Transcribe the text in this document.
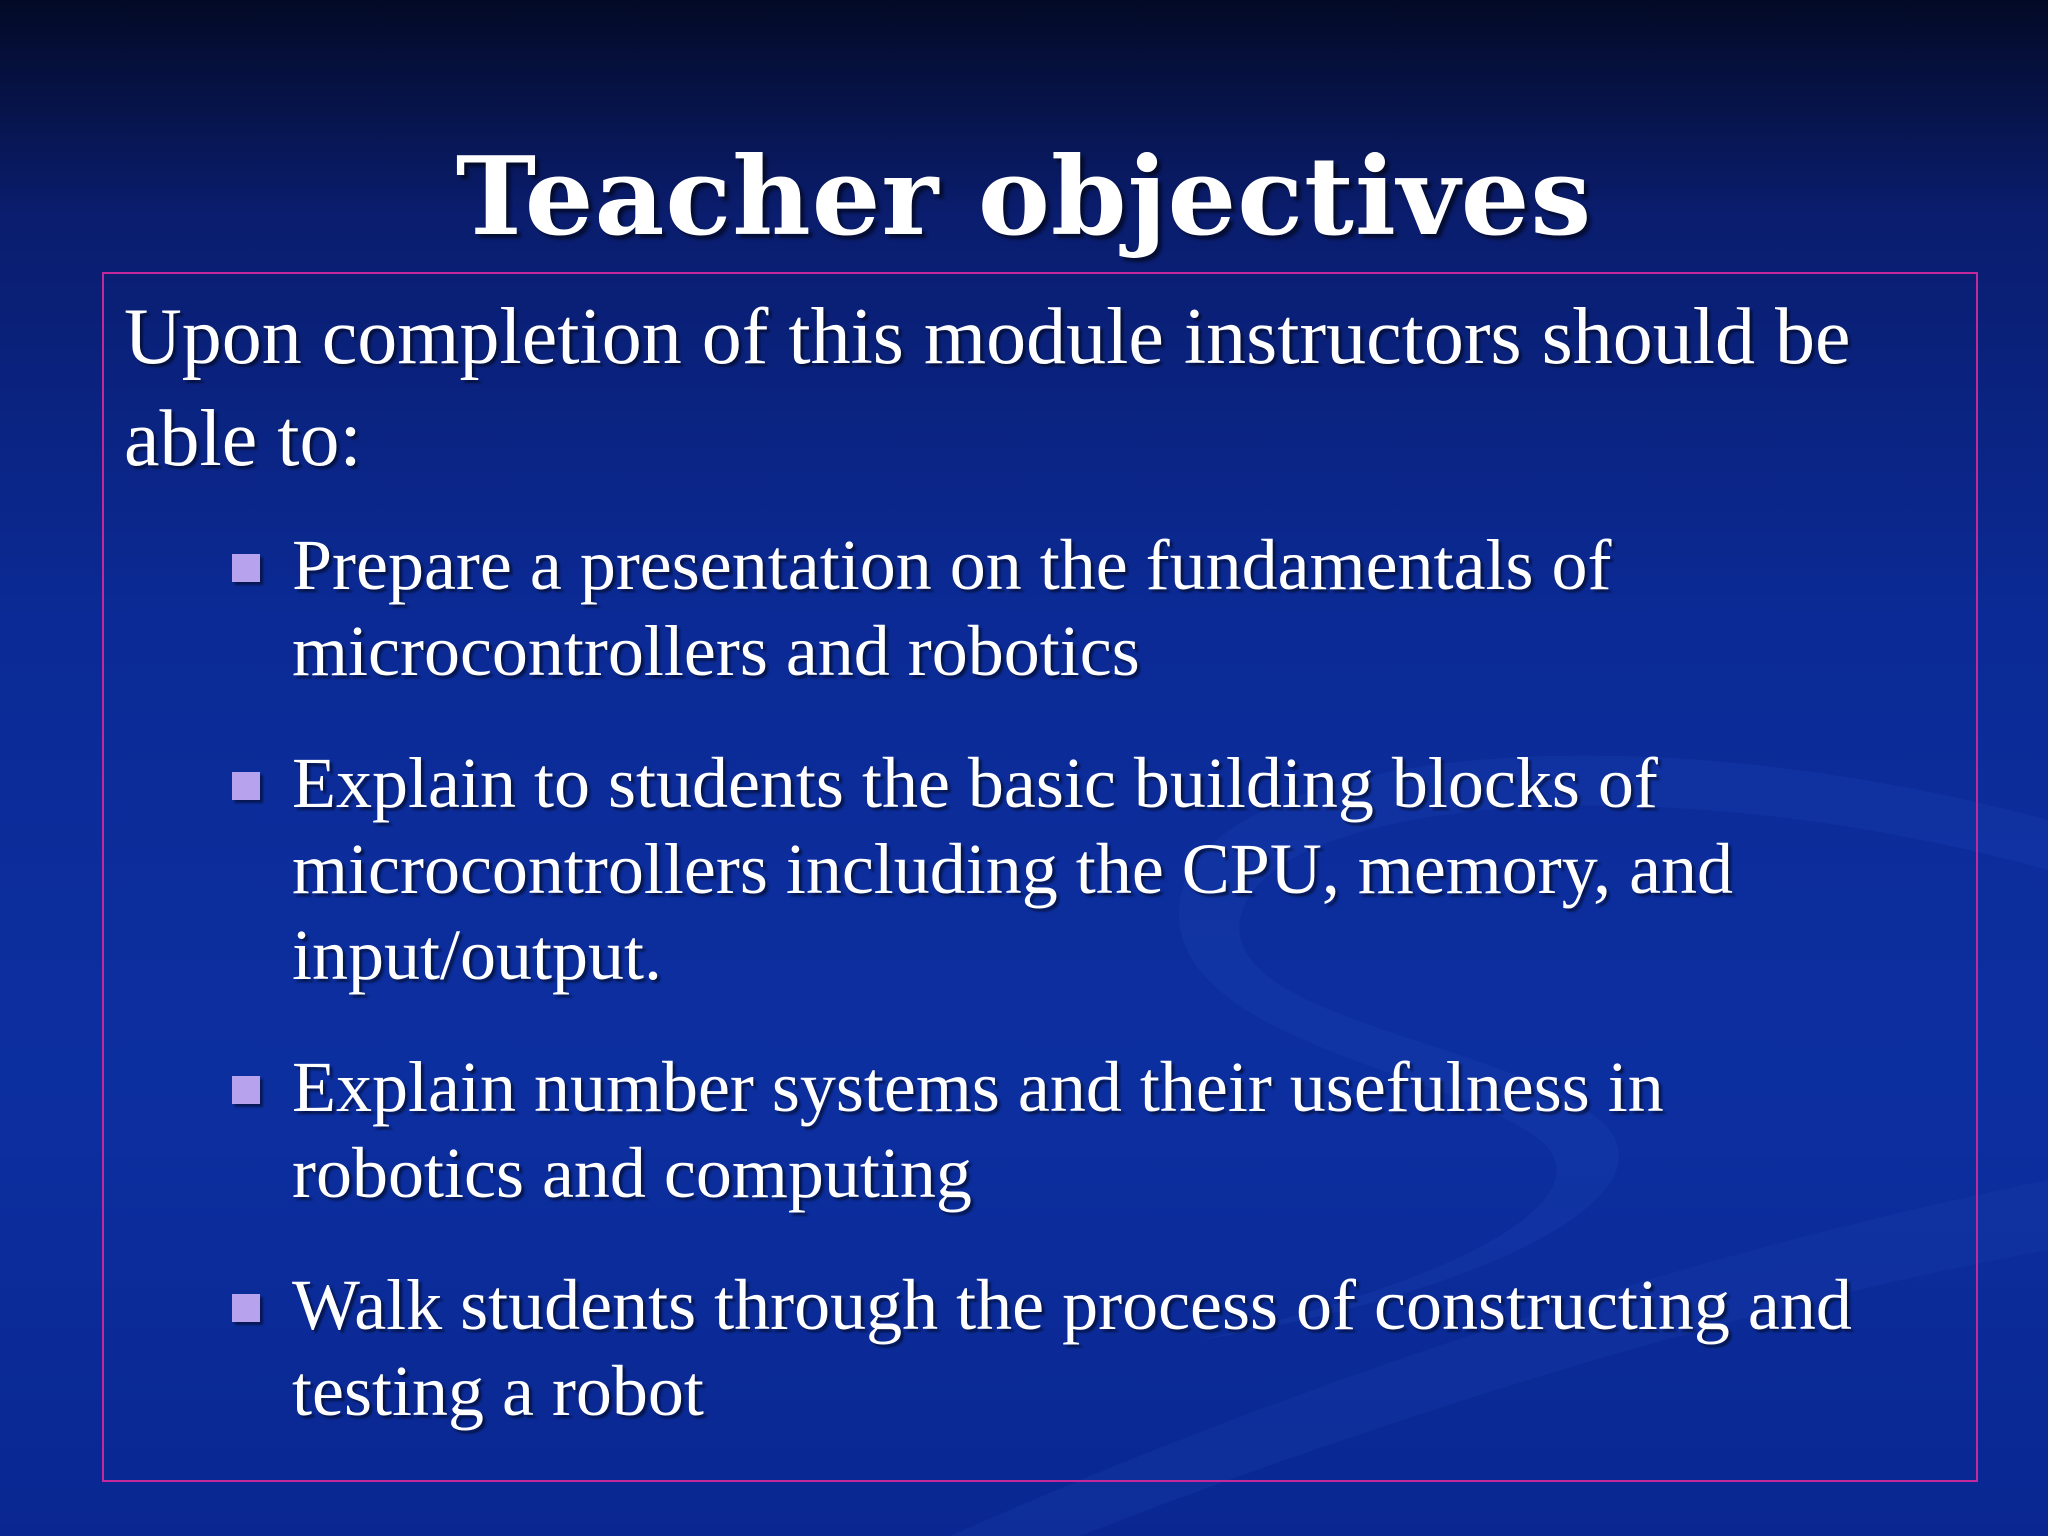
Teacher objectives

Upon completion of this module instructors should be able to:

Prepare a presentation on the fundamentals of microcontrollers and robotics
Explain to students the basic building blocks of microcontrollers including the CPU, memory, and input/output.
Explain number systems and their usefulness in robotics and computing
Walk students through the process of constructing and testing a robot
